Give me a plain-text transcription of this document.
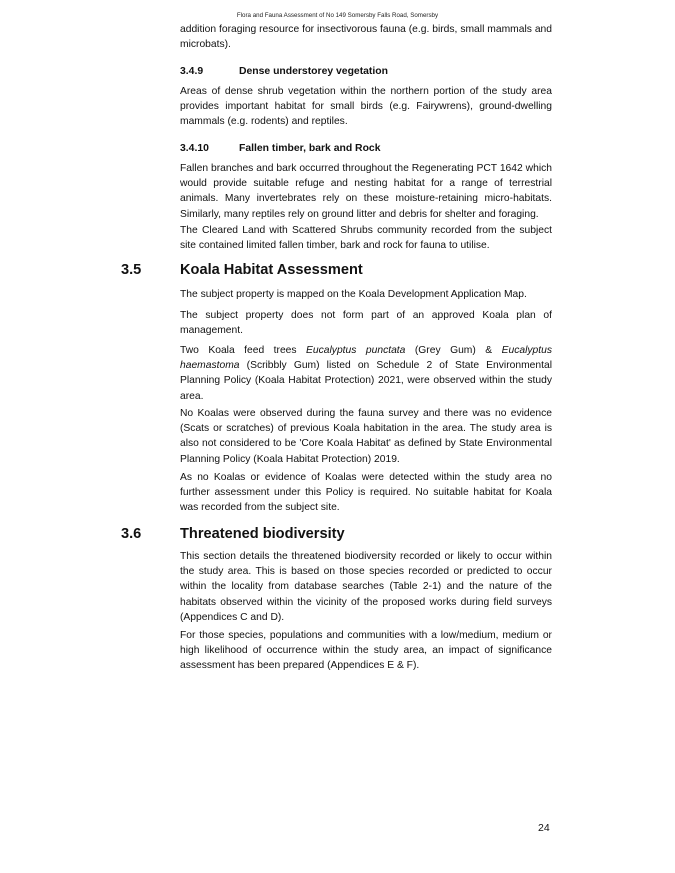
Flora and Fauna Assessment of No 149 Somersby Falls Road, Somersby

addition foraging resource for insectivorous fauna (e.g. birds, small mammals and microbats).

3.4.9	Dense understorey vegetation

Areas of dense shrub vegetation within the northern portion of the study area provides important habitat for small birds (e.g. Fairywrens), ground-dwelling mammals (e.g. rodents) and reptiles.

3.4.10	Fallen timber, bark and Rock

Fallen branches and bark occurred throughout the Regenerating PCT 1642 which would provide suitable refuge and nesting habitat for a range of terrestrial animals. Many invertebrates rely on these moisture-retaining micro-habitats. Similarly, many reptiles rely on ground litter and debris for shelter and foraging.

The Cleared Land with Scattered Shrubs community recorded from the subject site contained limited fallen timber, bark and rock for fauna to utilise.

3.5	Koala Habitat Assessment

The subject property is mapped on the Koala Development Application Map.

The subject property does not form part of an approved Koala plan of management.

Two Koala feed trees Eucalyptus punctata (Grey Gum) & Eucalyptus haemastoma (Scribbly Gum) listed on Schedule 2 of State Environmental Planning Policy (Koala Habitat Protection) 2021, were observed within the study area.

No Koalas were observed during the fauna survey and there was no evidence (Scats or scratches) of previous Koala habitation in the area. The study area is also not considered to be 'Core Koala Habitat' as defined by State Environmental Planning Policy (Koala Habitat Protection) 2019.

As no Koalas or evidence of Koalas were detected within the study area no further assessment under this Policy is required. No suitable habitat for Koala was recorded from the subject site.

3.6	Threatened biodiversity

This section details the threatened biodiversity recorded or likely to occur within the study area. This is based on those species recorded or predicted to occur within the locality from database searches (Table 2-1) and the nature of the habitats observed within the vicinity of the proposed works during field surveys (Appendices C and D).

For those species, populations and communities with a low/medium, medium or high likelihood of occurrence within the study area, an impact of significance assessment has been prepared (Appendices E & F).

24
